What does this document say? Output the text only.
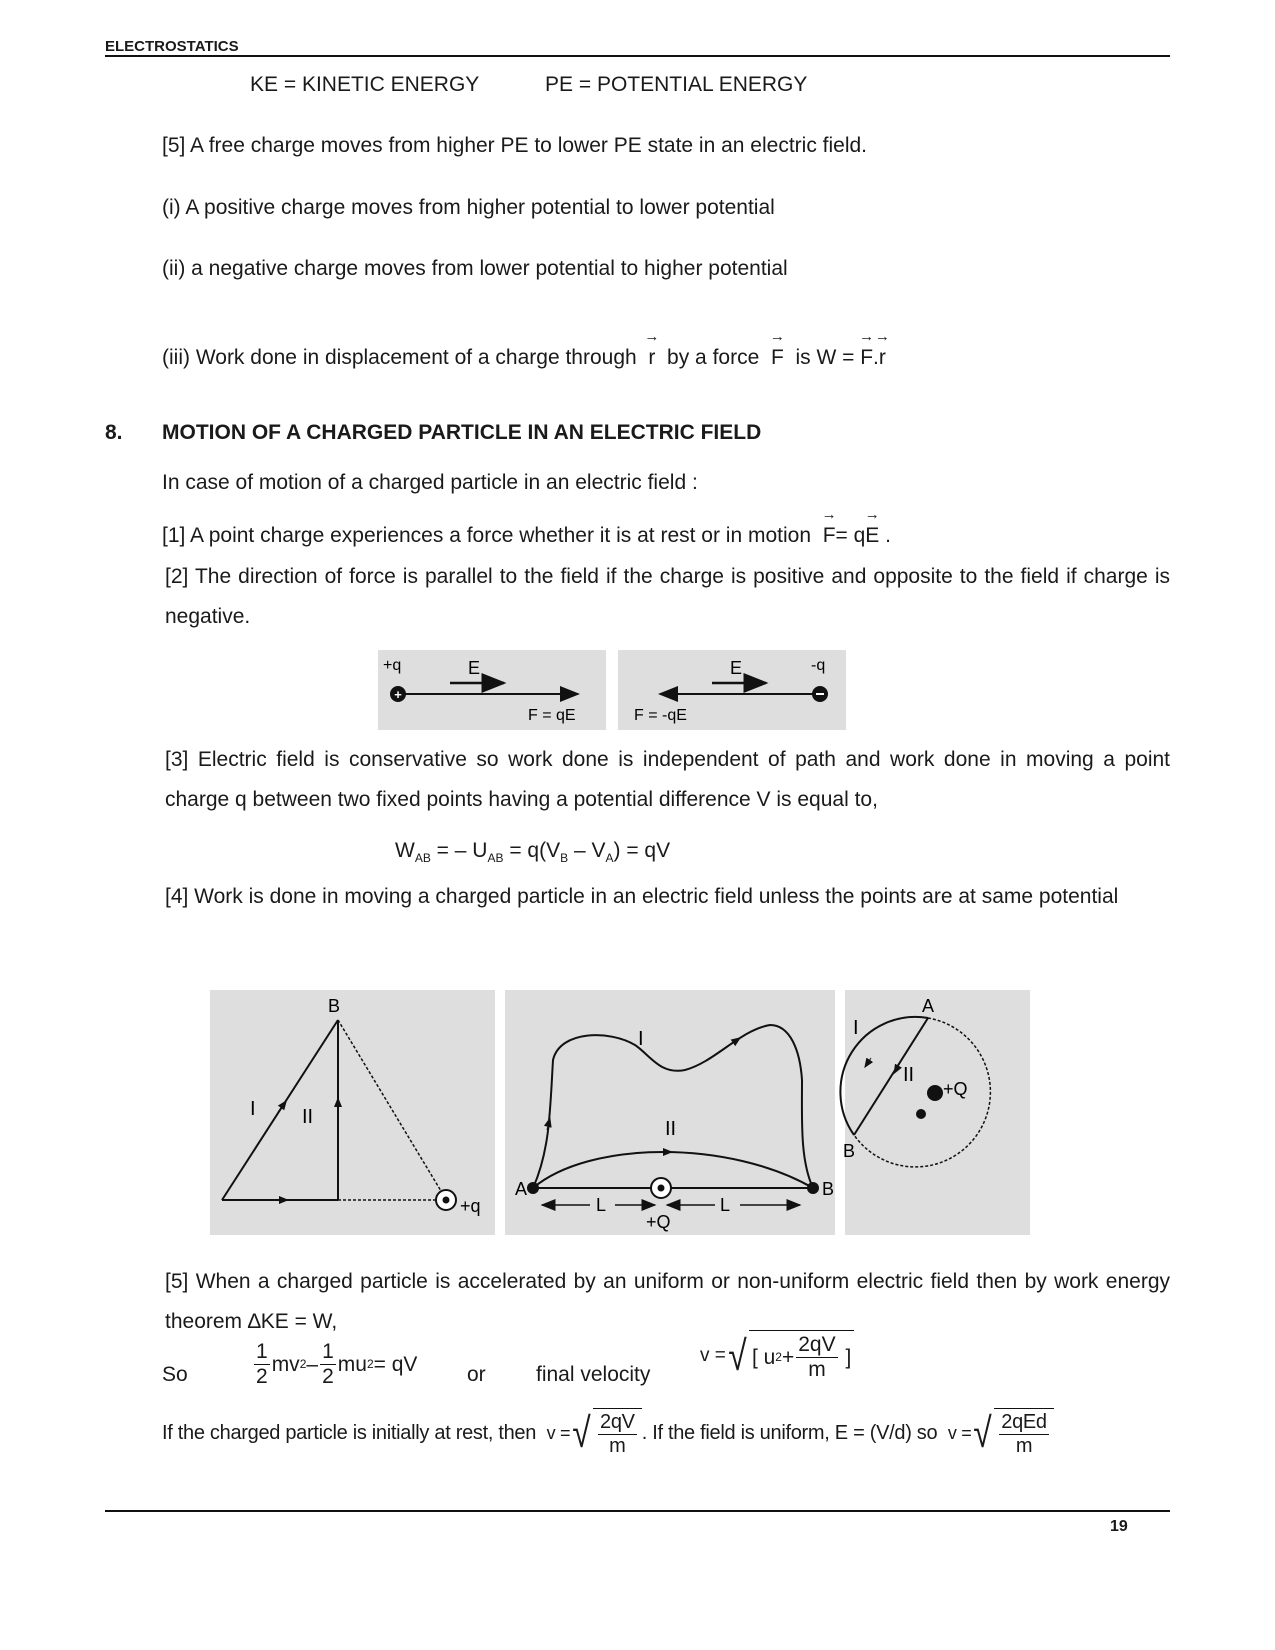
ELECTROSTATICS
KE = KINETIC ENERGY	PE = POTENTIAL ENERGY
[5] A free charge moves from higher PE to lower PE state in an electric field.
(i) A positive charge moves from higher potential to lower potential
(ii) a negative charge moves from lower potential to higher potential
(iii) Work done in displacement of a charge through → r by a force → F is W = → F.→ r
8. MOTION OF A CHARGED PARTICLE IN AN ELECTRIC FIELD
In case of motion of a charged particle in an electric field :
[1] A point charge experiences a force whether it is at rest or in motion → F= q→ E .
[2] The direction of force is parallel to the field if the charge is positive and opposite to the field if charge is negative.
+q	E
+
F = qE
E	-q
F = -qE
[3] Electric field is conservative so work done is independent of path and work done in moving a point charge q between two fixed points having a potential difference V is equal to,
$W_{AB}$ = – $U_{AB} = q(V_B - V_A)$ = qV
[4] Work is done in moving a charged particle in an electric field unless the points are at same potential
B
I II
+q
I
II
A	B
L	L
+Q
A
B
I
II
+Q
[5] When a charged particle is accelerated by an uniform or non-uniform electric field then by work energy theorem ∆KE = W,
So	$\frac{1}{2}$ mv $2 - \frac{1}{2}$ mu 2 = qV or final velocity
v = √ [ u $2 + \frac{2qV}{m}$ ]
If the charged particle is initially at rest, then
v = √ $\frac{2qV}{m}$ . If the field is uniform, E = (V/d) so
v = √ $\frac{\text{2qEd}}{m}$
19
